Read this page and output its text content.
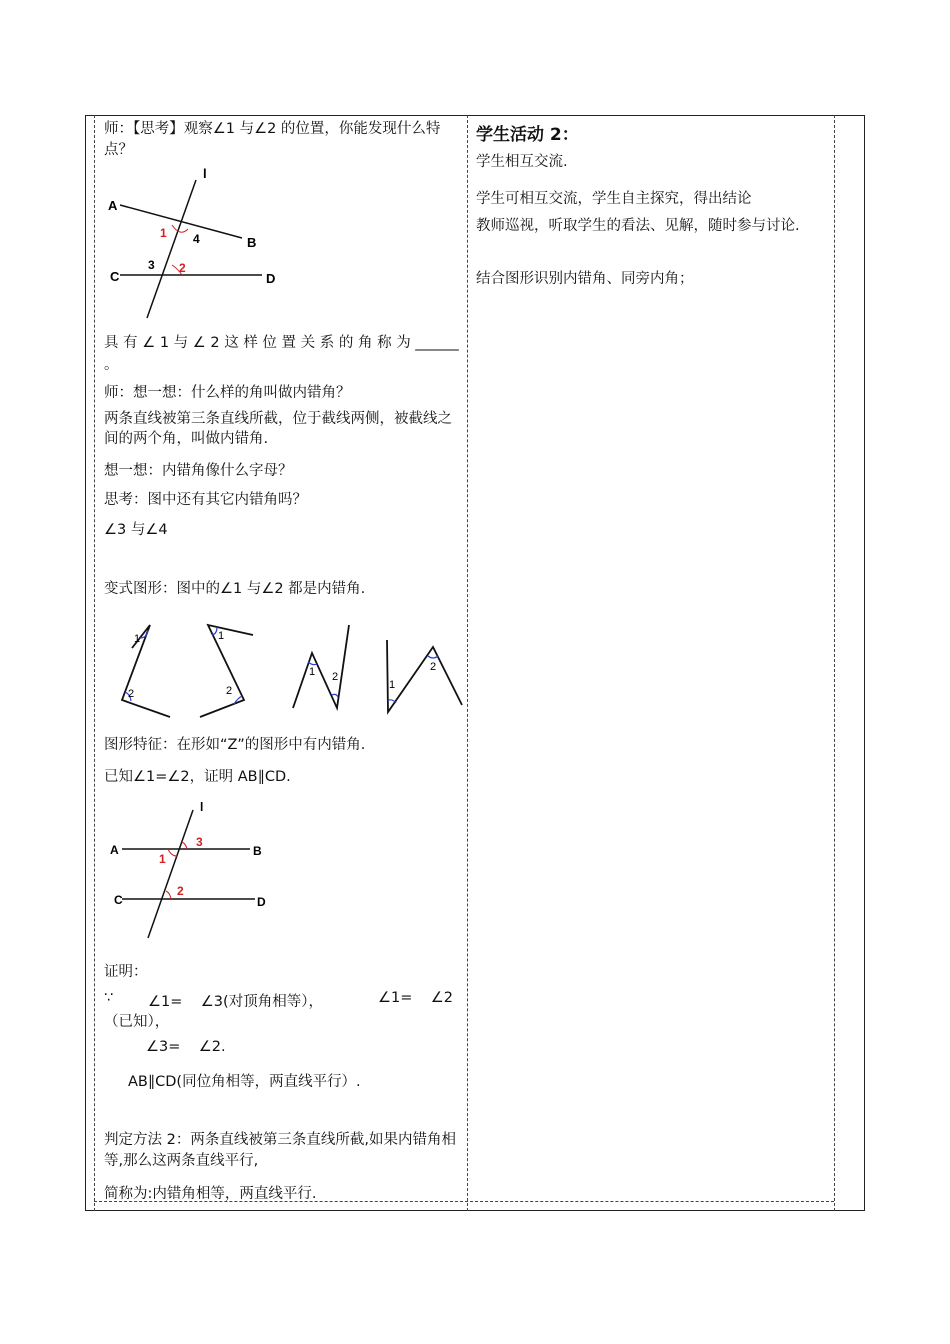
师：【思考】观察∠1 与∠2 的位置，你能发现什么特点？
l
A
B
C	D
1 4
3 2
具 有 ∠ 1 与 ∠ 2 这 样 位 置 关 系 的 角 称 为 ______
。
师：想一想：什么样的角叫做内错角？
两条直线被第三条直线所截，位于截线两侧，被截线之间的两个角，叫做内错角.
想一想：内错角像什么字母？
思考：图中还有其它内错角吗？
∠3 与∠4
变式图形：图中的∠1 与∠2 都是内错角.
1
2
1
2
1 2
1
2
图形特征：在形如“Z”的图形中有内错角.
已知∠1=∠2，证明 AB∥CD.
l
A	B
C	D
1
3
2
证明：
∵ ∠1=    ∠3(对顶角相等），	∠1=    ∠2
（已知），
∠3=    ∠2.
AB∥CD(同位角相等，两直线平行）.
判定方法 2：两条直线被第三条直线所截,如果内错角相等,那么这两条直线平行,
简称为:内错角相等，两直线平行.
学生活动 2：
学生相互交流.
学生可相互交流，学生自主探究，得出结论
教师巡视，听取学生的看法、见解，随时参与讨论.
结合图形识别内错角、同旁内角；
